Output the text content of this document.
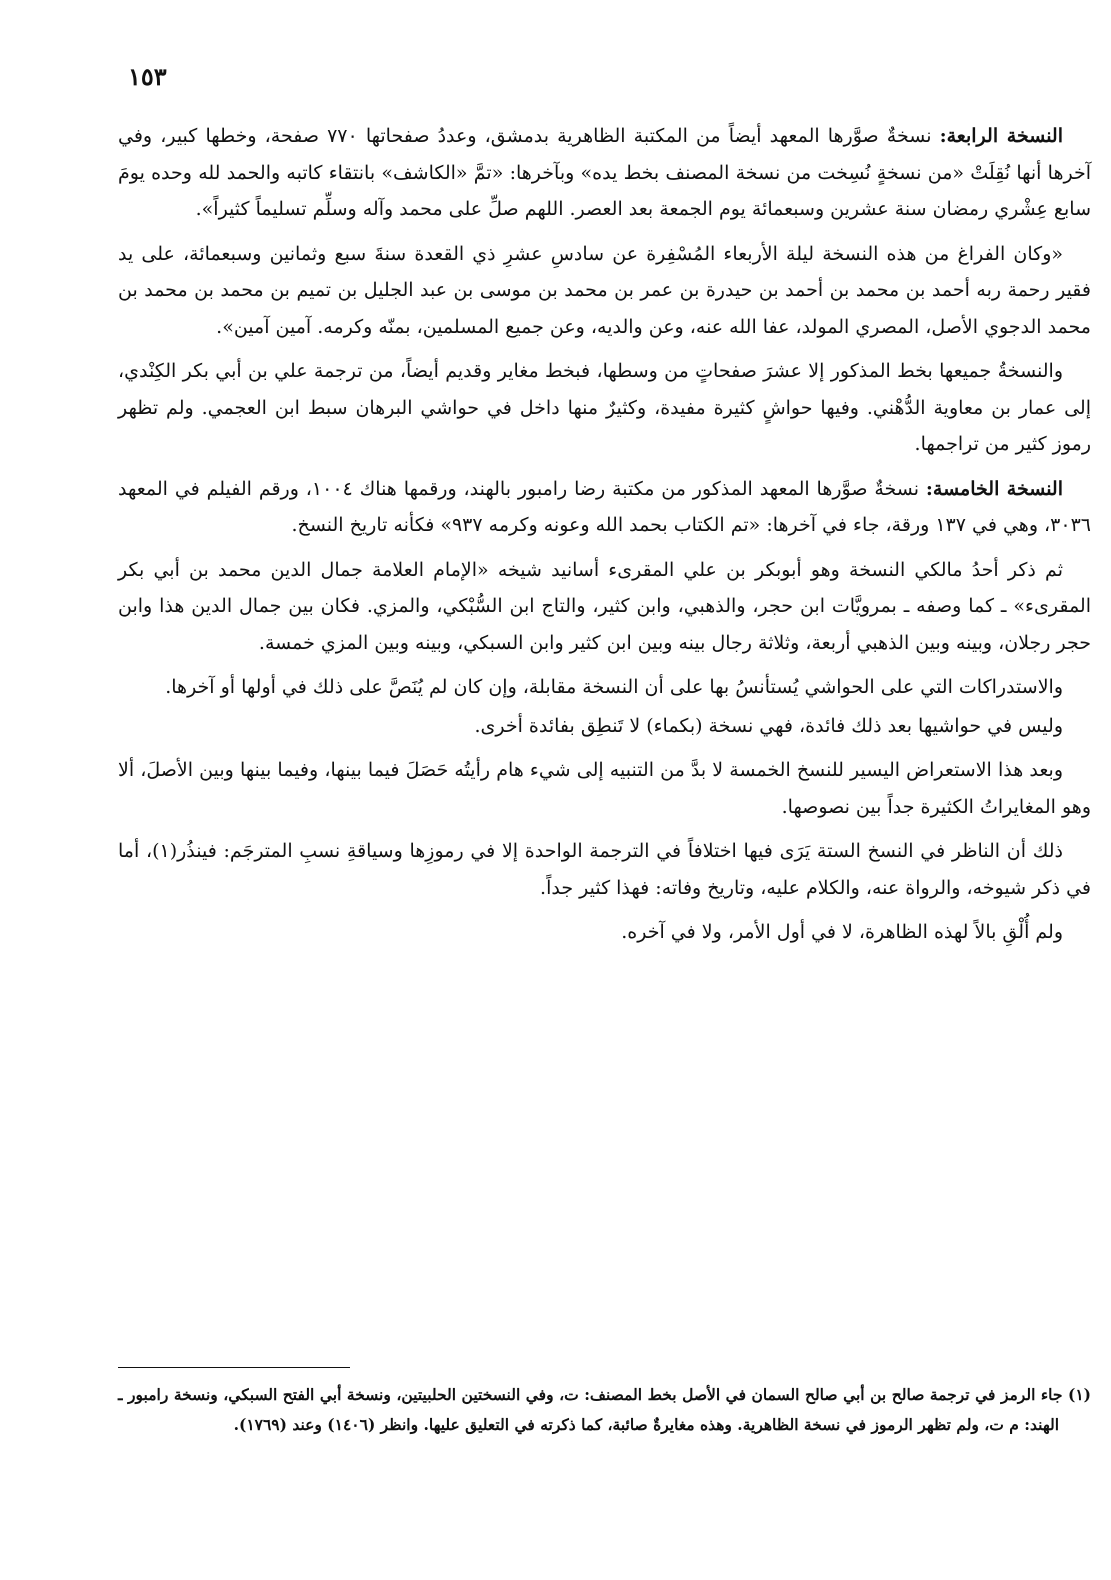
١٥٣

النسخة الرابعة: نسخةٌ صوَّرها المعهد أيضاً من المكتبة الظاهرية بدمشق، وعددُ صفحاتها ٧٧٠ صفحة، وخطها كبير، وفي آخرها أنها نُقِلَتْ «من نسخةٍ نُسِخت من نسخة المصنف بخط يده» وبآخرها: «تمَّ «الكاشف» بانتقاء كاتبه والحمد لله وحده يومَ سابع عِشْري رمضان سنة عشرين وسبعمائة يوم الجمعة بعد العصر. اللهم صلِّ على محمد وآله وسلِّم تسليماً كثيراً».

«وكان الفراغ من هذه النسخة ليلة الأربعاء المُسْفِرة عن سادسِ عشرِ ذي القعدة سنةَ سبع وثمانين وسبعمائة، على يد فقير رحمة ربه أحمد بن محمد بن أحمد بن حيدرة بن عمر بن محمد بن موسى بن عبد الجليل بن تميم بن محمد بن محمد بن محمد الدجوي الأصل، المصري المولد، عفا الله عنه، وعن والديه، وعن جميع المسلمين، بمنّه وكرمه. آمين آمين».

والنسخةُ جميعها بخط المذكور إلا عشرَ صفحاتٍ من وسطها، فبخط مغاير وقديم أيضاً، من ترجمة علي بن أبي بكر الكِنْدي، إلى عمار بن معاوية الدُّهْني. وفيها حواشٍ كثيرة مفيدة، وكثيرٌ منها داخل في حواشي البرهان سبط ابن العجمي. ولم تظهر رموز كثير من تراجمها.

النسخة الخامسة: نسخةٌ صوَّرها المعهد المذكور من مكتبة رضا رامبور بالهند، ورقمها هناك ١٠٠٤، ورقم الفيلم في المعهد ٣٠٣٦، وهي في ١٣٧ ورقة، جاء في آخرها: «تم الكتاب بحمد الله وعونه وكرمه ٩٣٧» فكأنه تاريخ النسخ.

ثم ذكر أحدُ مالكي النسخة وهو أبوبكر بن علي المقرىء أسانيد شيخه «الإمام العلامة جمال الدين محمد بن أبي بكر المقرىء» ـ كما وصفه ـ بمرويَّات ابن حجر، والذهبي، وابن كثير، والتاج ابن السُّبْكي، والمزي. فكان بين جمال الدين هذا وابن حجر رجلان، وبينه وبين الذهبي أربعة، وثلاثة رجال بينه وبين ابن كثير وابن السبكي، وبينه وبين المزي خمسة.

والاستدراكات التي على الحواشي يُستأنسُ بها على أن النسخة مقابلة، وإن كان لم يُنَصَّ على ذلك في أولها أو آخرها.

وليس في حواشيها بعد ذلك فائدة، فهي نسخة (بكماء) لا تَنطِق بفائدة أخرى.

وبعد هذا الاستعراض اليسير للنسخ الخمسة لا بدَّ من التنبيه إلى شيء هام رأيتُه حَصَلَ فيما بينها، وفيما بينها وبين الأصلَ، ألا وهو المغايراتُ الكثيرة جداً بين نصوصها.

ذلك أن الناظر في النسخ الستة يَرَى فيها اختلافاً في الترجمة الواحدة إلا في رموزِها وسياقةِ نسبِ المترجَم: فينذُر(١)، أما في ذكر شيوخه، والرواة عنه، والكلام عليه، وتاريخ وفاته: فهذا كثير جداً.

ولم أُلْقِ بالاً لهذه الظاهرة، لا في أول الأمر، ولا في آخره.

(١) جاء الرمز في ترجمة صالح بن أبي صالح السمان في الأصل بخط المصنف: ت، وفي النسختين الحلبيتين، ونسخة أبي الفتح السبكي، ونسخة رامبور ـ الهند: م ت، ولم تظهر الرموز في نسخة الظاهرية. وهذه مغايرةٌ صائبة، كما ذكرته في التعليق عليها. وانظر (١٤٠٦) وعند (١٧٦٩).
